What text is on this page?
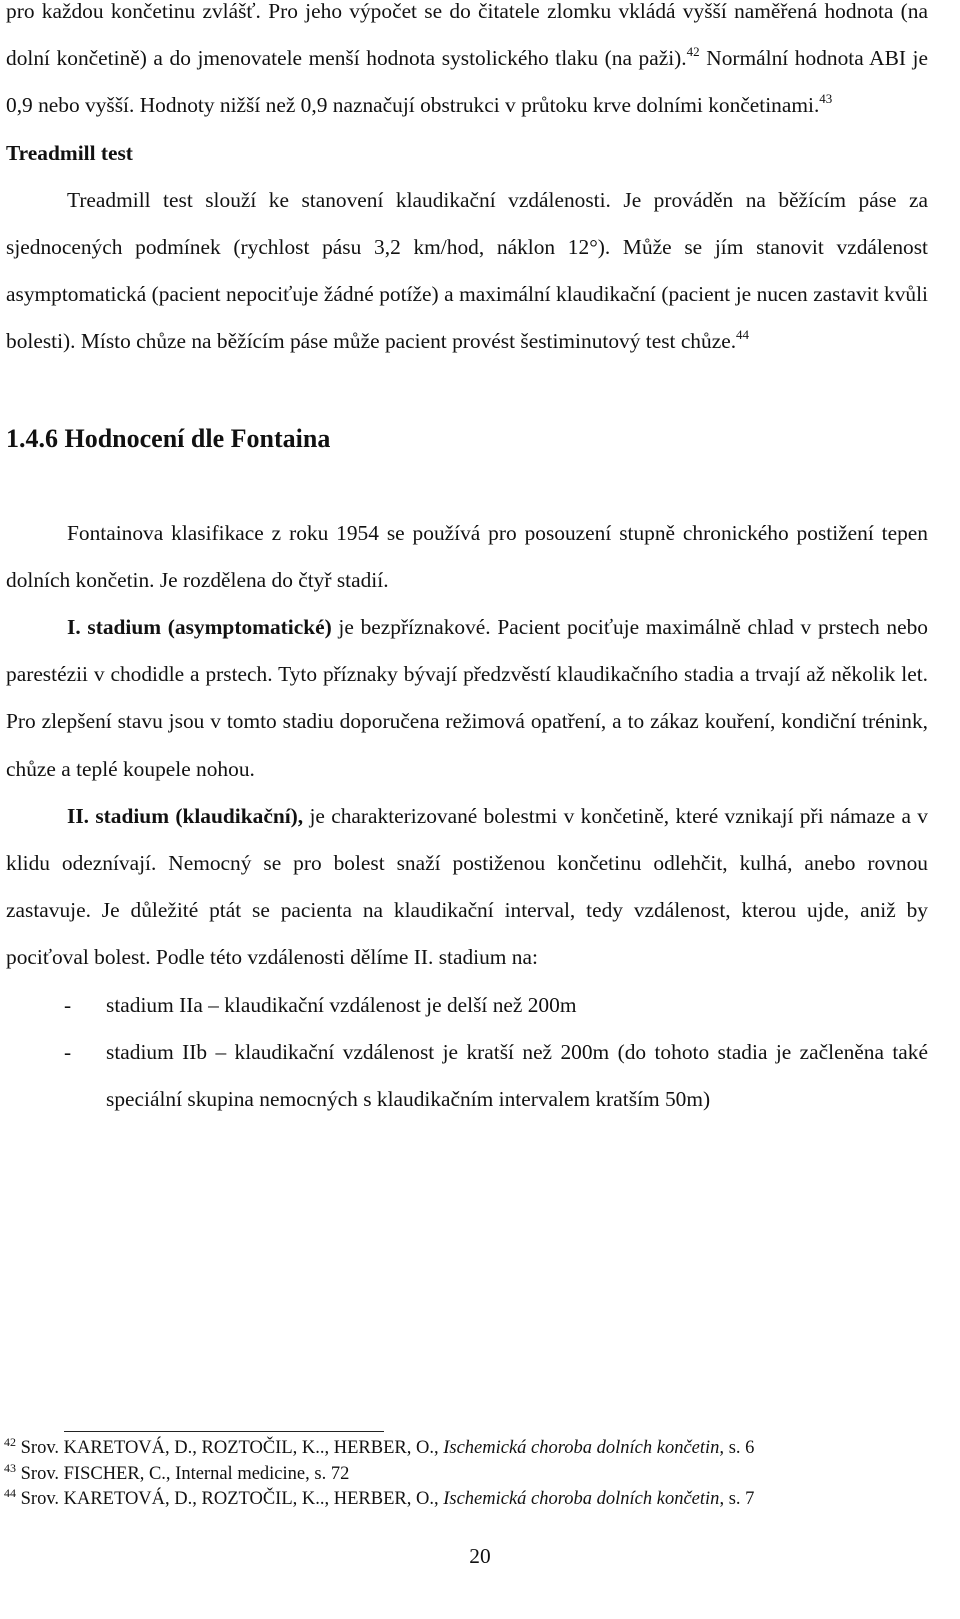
pro každou končetinu zvlášť. Pro jeho výpočet se do čitatele zlomku vkládá vyšší naměřená hodnota (na dolní končetině) a do jmenovatele menší hodnota systolického tlaku (na paži).$^{42}$ Normální hodnota ABI je 0,9 nebo vyšší. Hodnoty nižší než 0,9 naznačují obstrukci v průtoku krve dolními končetinami.$^{43}$

Treadmill test

Treadmill test slouží ke stanovení klaudikační vzdálenosti. Je prováděn na běžícím páse za sjednocených podmínek (rychlost pásu 3,2 km/hod, náklon 12°). Může se jím stanovit vzdálenost asymptomatická (pacient nepociťuje žádné potíže) a maximální klaudikační (pacient je nucen zastavit kvůli bolesti). Místo chůze na běžícím páse může pacient provést šestiminutový test chůze.$^{44}$

1.4.6 Hodnocení dle Fontaina

Fontainova klasifikace z roku 1954 se používá pro posouzení stupně chronického postižení tepen dolních končetin. Je rozdělena do čtyř stadií.

I. stadium (asymptomatické) je bezpříznakové. Pacient pociťuje maximálně chlad v prstech nebo parestézii v chodidle a prstech. Tyto příznaky bývají předzvěstí klaudikačního stadia a trvají až několik let. Pro zlepšení stavu jsou v tomto stadiu doporučena režimová opatření, a to zákaz kouření, kondiční trénink, chůze a teplé koupele nohou.

II. stadium (klaudikační), je charakterizované bolestmi v končetině, které vznikají při námaze a v klidu odeznívají. Nemocný se pro bolest snaží postiženou končetinu odlehčit, kulhá, anebo rovnou zastavuje. Je důležité ptát se pacienta na klaudikační interval, tedy vzdálenost, kterou ujde, aniž by pociťoval bolest. Podle této vzdálenosti dělíme II. stadium na:

- stadium IIa – klaudikační vzdálenost je delší než 200m
- stadium IIb – klaudikační vzdálenost je kratší než 200m (do tohoto stadia je začleněna také speciální skupina nemocných s klaudikačním intervalem kratším 50m)

$^{42}$ Srov. KARETOVÁ, D., ROZTOČIL, K.., HERBER, O., Ischemická choroba dolních končetin, s. 6

$^{43}$ Srov. FISCHER, C., Internal medicine, s. 72

$^{44}$ Srov. KARETOVÁ, D., ROZTOČIL, K.., HERBER, O., Ischemická choroba dolních končetin, s. 7

20
